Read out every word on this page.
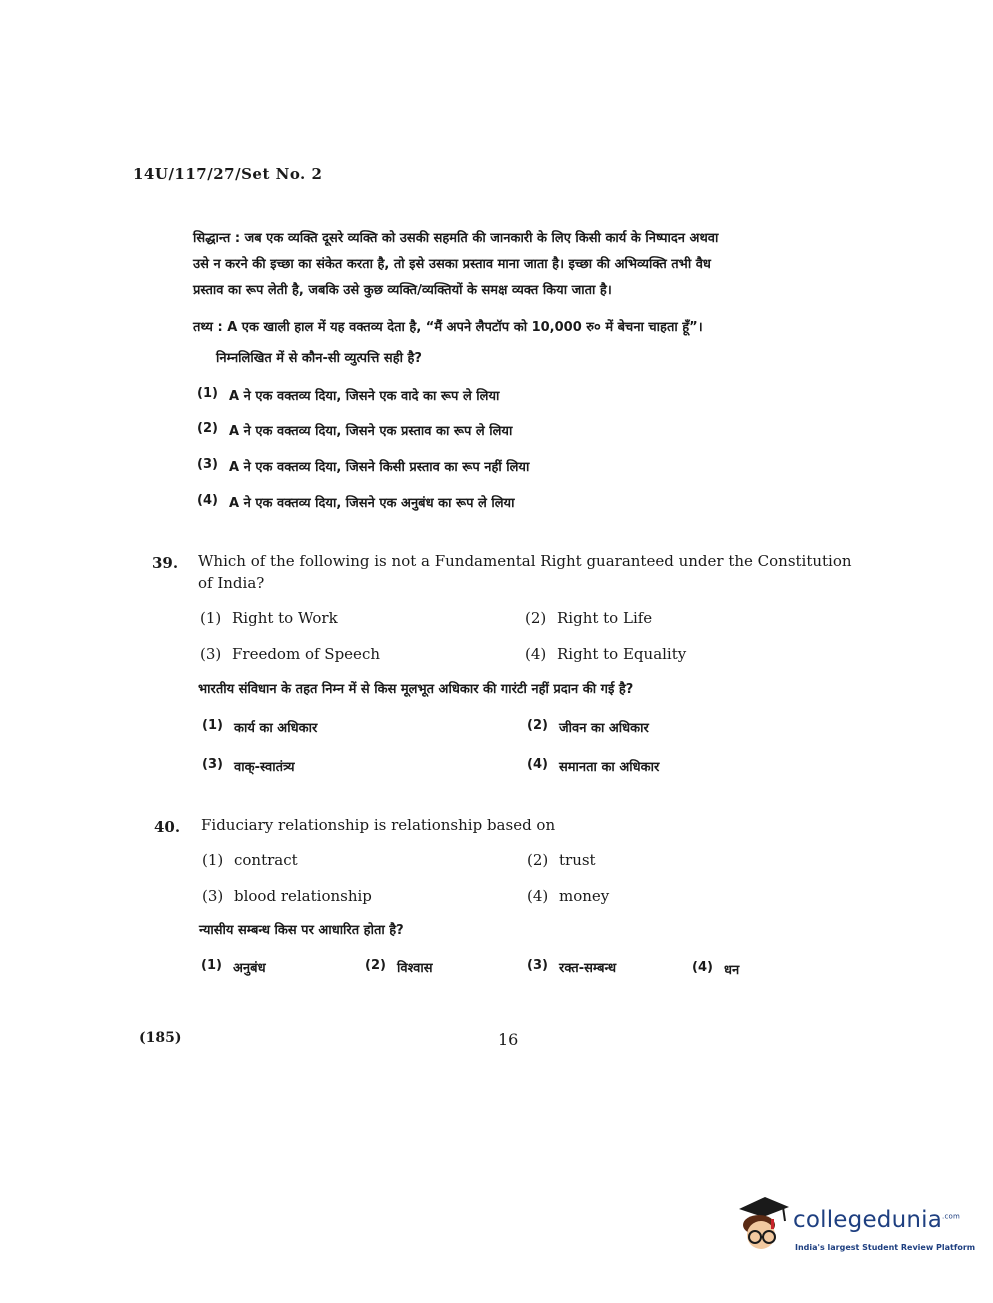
14U/117/27/Set No. 2
सिद्धान्त : जब एक व्यक्ति दूसरे व्यक्ति को उसकी सहमति की जानकारी के लिए किसी कार्य के निष्पादन अथवा
उसे न करने की इच्छा का संकेत करता है, तो इसे उसका प्रस्ताव माना जाता है। इच्छा की अभिव्यक्ति तभी वैध
प्रस्ताव का रूप लेती है, जबकि उसे कुछ व्यक्ति/व्यक्तियों के समक्ष व्यक्त किया जाता है।
तथ्य : A एक खाली हाल में यह वक्तव्य देता है, “मैं अपने लैपटॉप को 10,000 रु० में बेचना चाहता हूँ”।
निम्नलिखित में से कौन-सी व्युत्पत्ति सही है?
(1) A ने एक वक्तव्य दिया, जिसने एक वादे का रूप ले लिया
(2) A ने एक वक्तव्य दिया, जिसने एक प्रस्ताव का रूप ले लिया
(3) A ने एक वक्तव्य दिया, जिसने किसी प्रस्ताव का रूप नहीं लिया
(4) A ने एक वक्तव्य दिया, जिसने एक अनुबंध का रूप ले लिया
39. Which of the following is not a Fundamental Right guaranteed under the Constitution
of India?
(1) Right to Work	(2) Right to Life
(3) Freedom of Speech	(4) Right to Equality
भारतीय संविधान के तहत निम्न में से किस मूलभूत अधिकार की गारंटी नहीं प्रदान की गई है?
(1) कार्य का अधिकार	(2) जीवन का अधिकार
(3) वाक्-स्वातंत्र्य	(4) समानता का अधिकार
40. Fiduciary relationship is relationship based on
(1) contract	(2) trust
(3) blood relationship	(4) money
न्यासीय सम्बन्ध किस पर आधारित होता है?
(1) अनुबंध	(2) विश्वास	(3) रक्त-सम्बन्ध	(4) धन
(185)	16
collegedunia$^{.com}$
India's largest Student Review Platform
